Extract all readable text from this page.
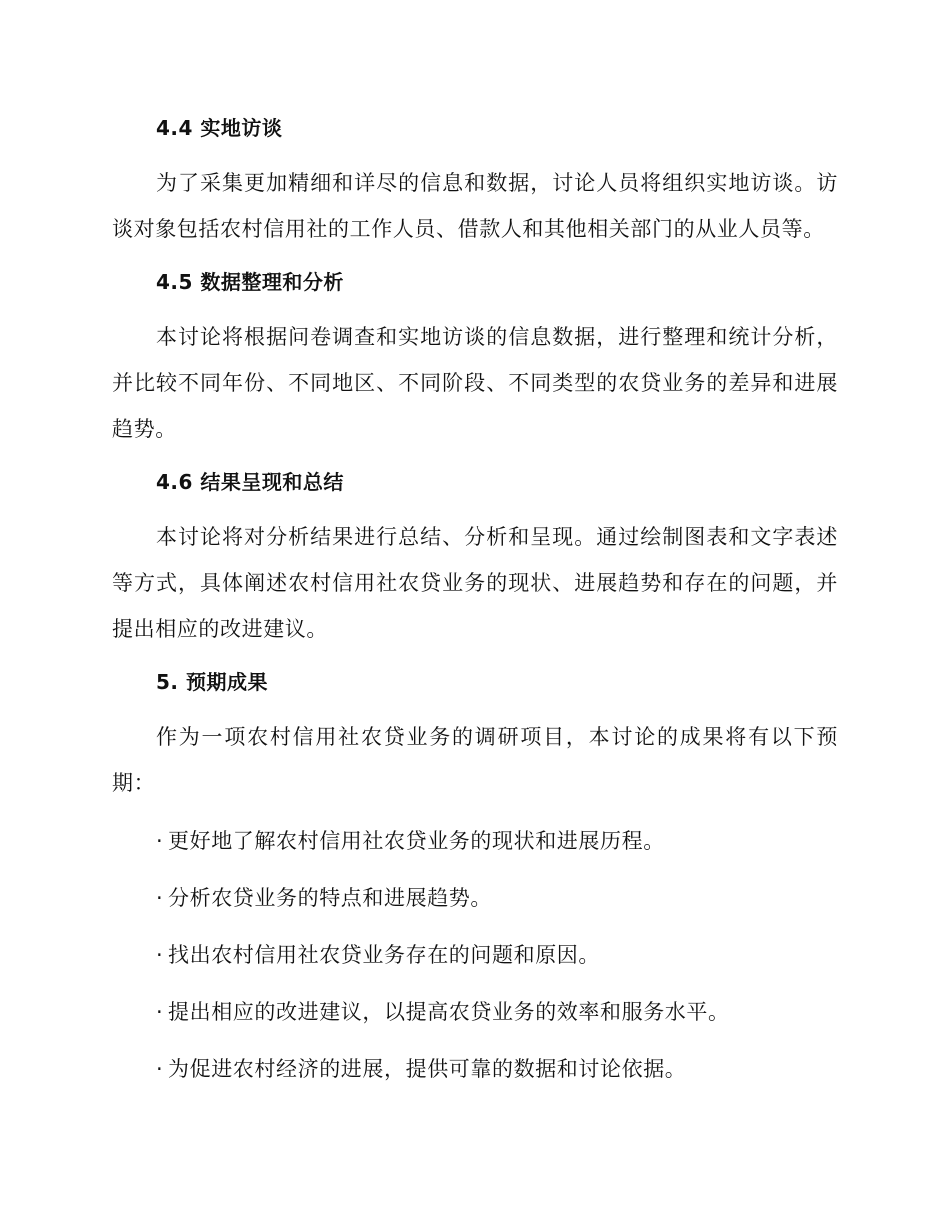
4.4 实地访谈

为了采集更加精细和详尽的信息和数据，讨论人员将组织实地访谈。访谈对象包括农村信用社的工作人员、借款人和其他相关部门的从业人员等。

4.5 数据整理和分析

本讨论将根据问卷调查和实地访谈的信息数据，进行整理和统计分析，并比较不同年份、不同地区、不同阶段、不同类型的农贷业务的差异和进展趋势。

4.6 结果呈现和总结

本讨论将对分析结果进行总结、分析和呈现。通过绘制图表和文字表述等方式，具体阐述农村信用社农贷业务的现状、进展趋势和存在的问题，并提出相应的改进建议。

5. 预期成果

作为一项农村信用社农贷业务的调研项目，本讨论的成果将有以下预期：

· 更好地了解农村信用社农贷业务的现状和进展历程。
· 分析农贷业务的特点和进展趋势。
· 找出农村信用社农贷业务存在的问题和原因。
· 提出相应的改进建议，以提高农贷业务的效率和服务水平。
· 为促进农村经济的进展，提供可靠的数据和讨论依据。
